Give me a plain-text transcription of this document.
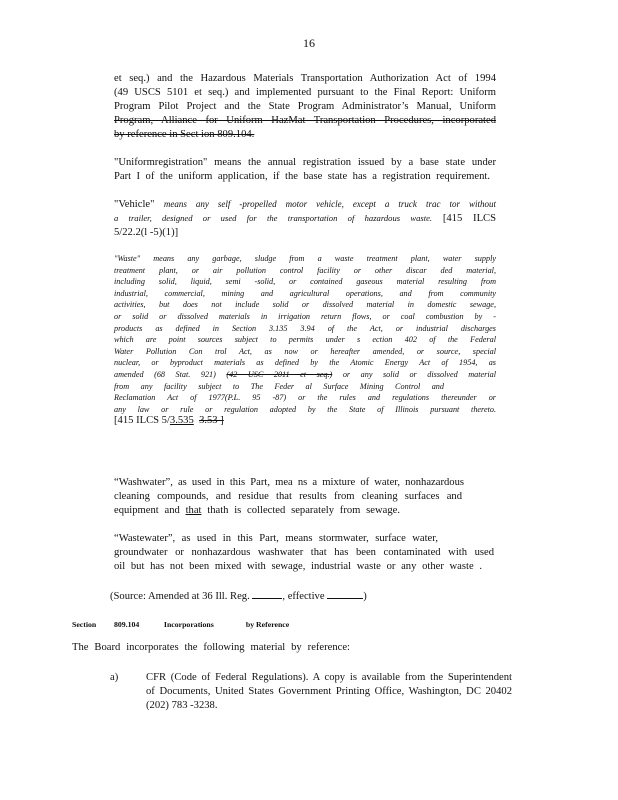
16
et seq.) and the Hazardous Materials Transportation Authorization Act of 1994
(49 USCS 5101 et seq.) and implemented pursuant to the Final Report: Uniform
Program Pilot Project and the State Program Administrator’s Manual, Uniform
Program, Alliance for Uniform HazMat Transportation Procedures, incorporated
by reference in Sect ion 809.104.
"Uniformregistration" means the annual registration issued by a base state under
Part I of the uniform application, if the base state has a registration requirement.
"Vehicle" means any self -propelled motor vehicle, except a truck trac tor without
a trailer, designed or used for the transportation of hazardous waste. [415 ILCS
5/22.2(l -5)(1)]
"Waste" means any garbage, sludge from a waste treatment plant, water supply
treatment plant, or air pollution control facility or other discar ded material,
including solid, liquid, semi -solid, or contained gaseous material resulting from
industrial, commercial, mining and agricultural operations, and from community
activities, but does not include solid or dissolved material in domestic sewage,
or solid or dissolved materials in irrigation return flows, or coal combustion by -
products as defined in Section 3.135 3.94 of the Act, or industrial discharges
which are point sources subject to permits under s ection 402 of the Federal
Water Pollution Con trol Act, as now or hereafter amended, or source, special
nuclear, or byproduct materials as defined by the Atomic Energy Act of 1954, as
amended (68 Stat. 921) (42 USC 2011 et seq.) or any solid or dissolved material
from any facility subject to The Feder al Surface Mining Control and
Reclamation Act of 1977(P.L. 95 -87) or the rules and regulations thereunder or
any law or rule or regulation adopted by the State of Illinois pursuant thereto.
[415 ILCS 5/3.535 3.53 ]
“Washwater”, as used in this Part, mea ns a mixture of water, nonhazardous
cleaning compounds, and residue that results from cleaning surfaces and
equipment and that thath is collected separately from sewage.
“Wastewater”, as used in this Part, means stormwater, surface water,
groundwater or nonhazardous washwater that has been contaminated with used
oil but has not been mixed with sewage, industrial waste or any other waste .
(Source: Amended at 36 Ill. Reg.	, effective	)
Section 809.104	Incorporations	by Reference
The Board incorporates the following material by reference:
a)	CFR (Code of Federal Regulations). A copy is available from the Superintendent
of Documents, United States Government Printing Office, Washington, DC 20402
(202) 783 -3238.
